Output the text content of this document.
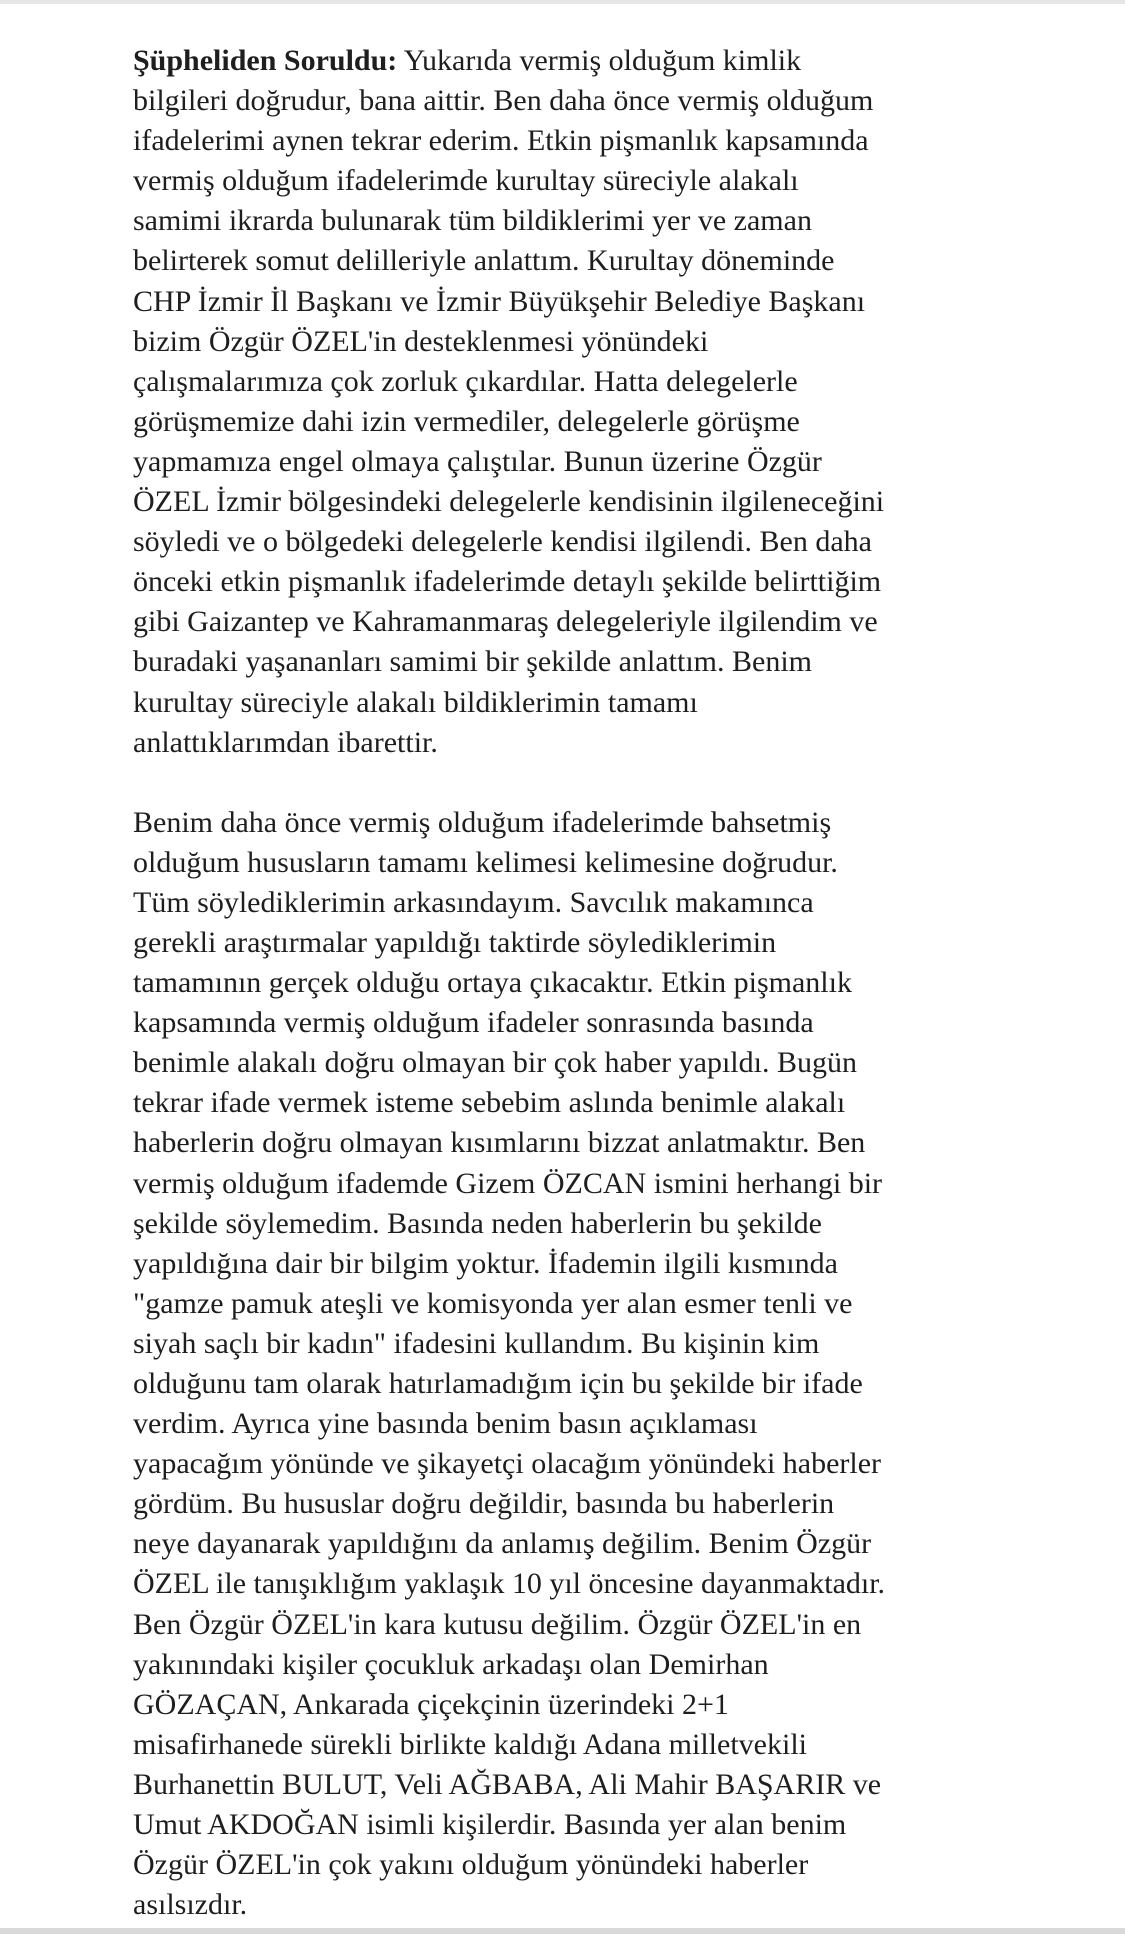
Şüpheliden Soruldu: Yukarıda vermiş olduğum kimlik
bilgileri doğrudur, bana aittir. Ben daha önce vermiş olduğum
ifadelerimi aynen tekrar ederim. Etkin pişmanlık kapsamında
vermiş olduğum ifadelerimde kurultay süreciyle alakalı
samimi ikrarda bulunarak tüm bildiklerimi yer ve zaman
belirterek somut delilleriyle anlattım. Kurultay döneminde
CHP İzmir İl Başkanı ve İzmir Büyükşehir Belediye Başkanı
bizim Özgür ÖZEL'in desteklenmesi yönündeki
çalışmalarımıza çok zorluk çıkardılar. Hatta delegelerle
görüşmemize dahi izin vermediler, delegelerle görüşme
yapmamıza engel olmaya çalıştılar. Bunun üzerine Özgür
ÖZEL İzmir bölgesindeki delegelerle kendisinin ilgileneceğini
söyledi ve o bölgedeki delegelerle kendisi ilgilendi. Ben daha
önceki etkin pişmanlık ifadelerimde detaylı şekilde belirttiğim
gibi Gaizantep ve Kahramanmaraş delegeleriyle ilgilendim ve
buradaki yaşananları samimi bir şekilde anlattım. Benim
kurultay süreciyle alakalı bildiklerimin tamamı
anlattıklarımdan ibarettir.

Benim daha önce vermiş olduğum ifadelerimde bahsetmiş
olduğum hususların tamamı kelimesi kelimesine doğrudur.
Tüm söylediklerimin arkasındayım. Savcılık makamınca
gerekli araştırmalar yapıldığı taktirde söylediklerimin
tamamının gerçek olduğu ortaya çıkacaktır. Etkin pişmanlık
kapsamında vermiş olduğum ifadeler sonrasında basında
benimle alakalı doğru olmayan bir çok haber yapıldı. Bugün
tekrar ifade vermek isteme sebebim aslında benimle alakalı
haberlerin doğru olmayan kısımlarını bizzat anlatmaktır. Ben
vermiş olduğum ifademde Gizem ÖZCAN ismini herhangi bir
şekilde söylemedim. Basında neden haberlerin bu şekilde
yapıldığına dair bir bilgim yoktur. İfademin ilgili kısmında
"gamze pamuk ateşli ve komisyonda yer alan esmer tenli ve
siyah saçlı bir kadın" ifadesini kullandım. Bu kişinin kim
olduğunu tam olarak hatırlamadığım için bu şekilde bir ifade
verdim. Ayrıca yine basında benim basın açıklaması
yapacağım yönünde ve şikayetçi olacağım yönündeki haberler
gördüm. Bu hususlar doğru değildir, basında bu haberlerin
neye dayanarak yapıldığını da anlamış değilim. Benim Özgür
ÖZEL ile tanışıklığım yaklaşık 10 yıl öncesine dayanmaktadır.
Ben Özgür ÖZEL'in kara kutusu değilim. Özgür ÖZEL'in en
yakınındaki kişiler çocukluk arkadaşı olan Demirhan
GÖZAÇAN, Ankarada çiçekçinin üzerindeki 2+1
misafirhanede sürekli birlikte kaldığı Adana milletvekili
Burhanettin BULUT, Veli AĞBABA, Ali Mahir BAŞARIR ve
Umut AKDOĞAN isimli kişilerdir. Basında yer alan benim
Özgür ÖZEL'in çok yakını olduğum yönündeki haberler
asılsızdır.
